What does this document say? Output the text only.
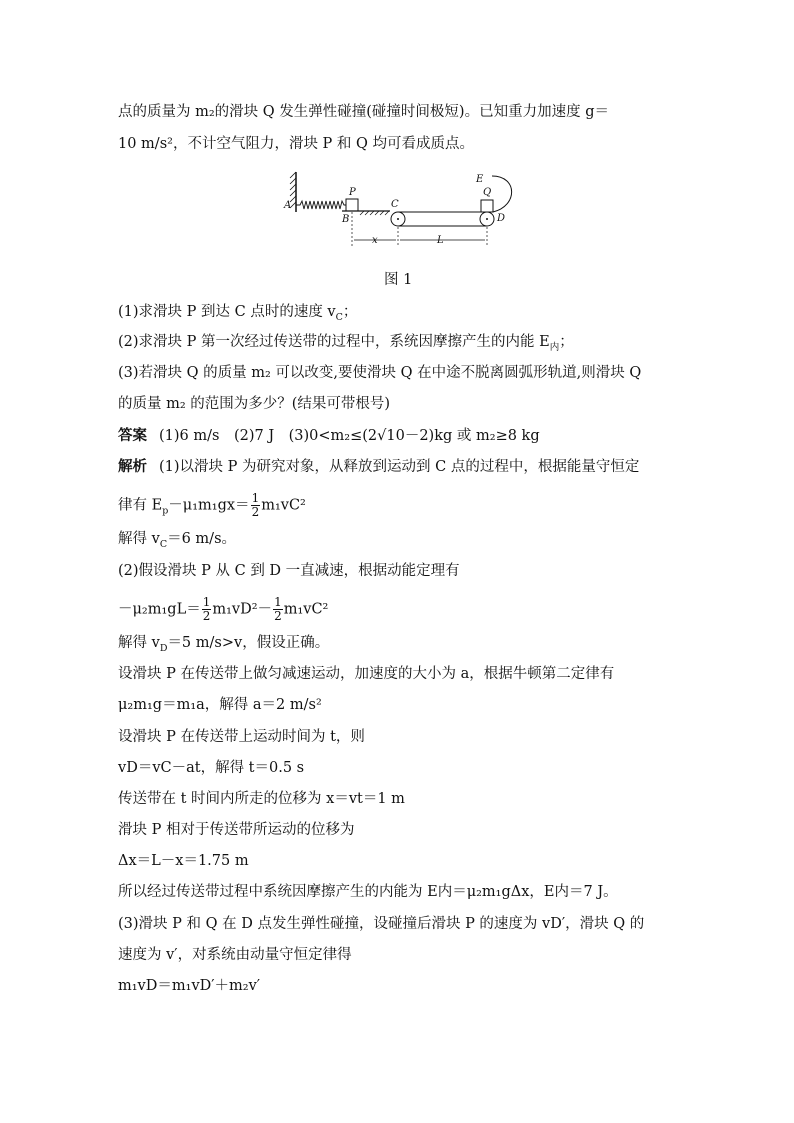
点的质量为 m₂的滑块 Q 发生弹性碰撞(碰撞时间极短)。已知重力加速度 g＝
10 m/s²，不计空气阻力，滑块 P 和 Q 均可看成质点。
A
B
P
C
D
E
Q
x	L
图 1
(1)求滑块 P 到达 C 点时的速度 $v_C$；
(2)求滑块 P 第一次经过传送带的过程中，系统因摩擦产生的内能 $E_内$；
(3)若滑块 Q 的质量 m₂ 可以改变,要使滑块 Q 在中途不脱离圆弧形轨道,则滑块 Q
的质量 m₂ 的范围为多少？(结果可带根号)
答案 (1)6 m/s　(2)7 J　(3)0<m₂≤(2√10－2)kg 或 m₂≥8 kg
解析 (1)以滑块 P 为研究对象，从释放到运动到 C 点的过程中，根据能量守恒定
律有 $E_p-\mu_1m_1gx= \frac{1}{2} m_1vC^2$
解得 $v_C=6$ m/s。
(2)假设滑块 P 从 C 到 D 一直减速，根据动能定理有
$-\mu_2m_1gL= \frac{1}{2} m_1vD^2- \frac{1}{2} m_1vC^2$
解得 $v_D=5$ m/s>v，假设正确。
设滑块 P 在传送带上做匀减速运动，加速度的大小为 a，根据牛顿第二定律有
μ₂m₁g＝m₁a，解得 a＝2 m/s²
设滑块 P 在传送带上运动时间为 t，则
vD＝vC－at，解得 t＝0.5 s
传送带在 t 时间内所走的位移为 x＝vt＝1 m
滑块 P 相对于传送带所运动的位移为
Δx＝L－x＝1.75 m
所以经过传送带过程中系统因摩擦产生的内能为 E内＝μ₂m₁gΔx，E内＝7 J。
(3)滑块 P 和 Q 在 D 点发生弹性碰撞，设碰撞后滑块 P 的速度为 vD′，滑块 Q 的
速度为 v′，对系统由动量守恒定律得
m₁vD＝m₁vD′＋m₂v′
